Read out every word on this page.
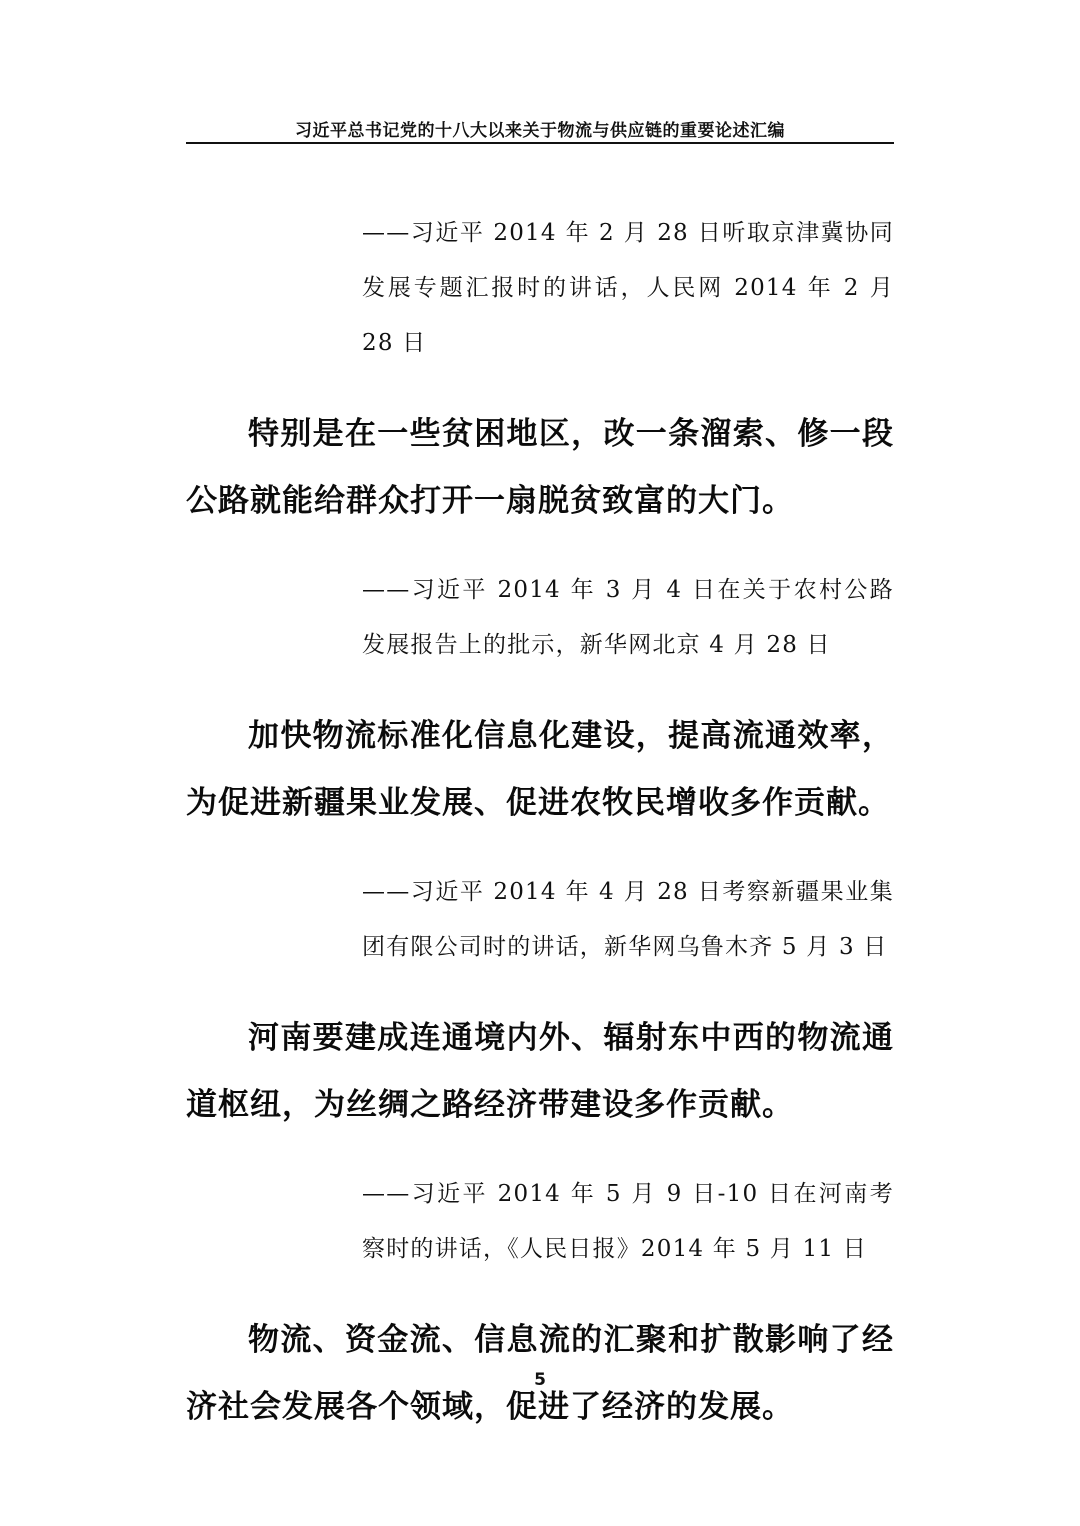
习近平总书记党的十八大以来关于物流与供应链的重要论述汇编

——习近平 2014 年 2 月 28 日听取京津冀协同发展专题汇报时的讲话，人民网 2014 年 2 月 28 日

特别是在一些贫困地区，改一条溜索、修一段公路就能给群众打开一扇脱贫致富的大门。

——习近平 2014 年 3 月 4 日在关于农村公路发展报告上的批示，新华网北京 4 月 28 日

加快物流标准化信息化建设，提高流通效率，为促进新疆果业发展、促进农牧民增收多作贡献。

——习近平 2014 年 4 月 28 日考察新疆果业集团有限公司时的讲话，新华网乌鲁木齐 5 月 3 日

河南要建成连通境内外、辐射东中西的物流通道枢纽，为丝绸之路经济带建设多作贡献。

——习近平 2014 年 5 月 9 日-10 日在河南考察时的讲话，《人民日报》2014 年 5 月 11 日

物流、资金流、信息流的汇聚和扩散影响了经济社会发展各个领域，促进了经济的发展。

5
